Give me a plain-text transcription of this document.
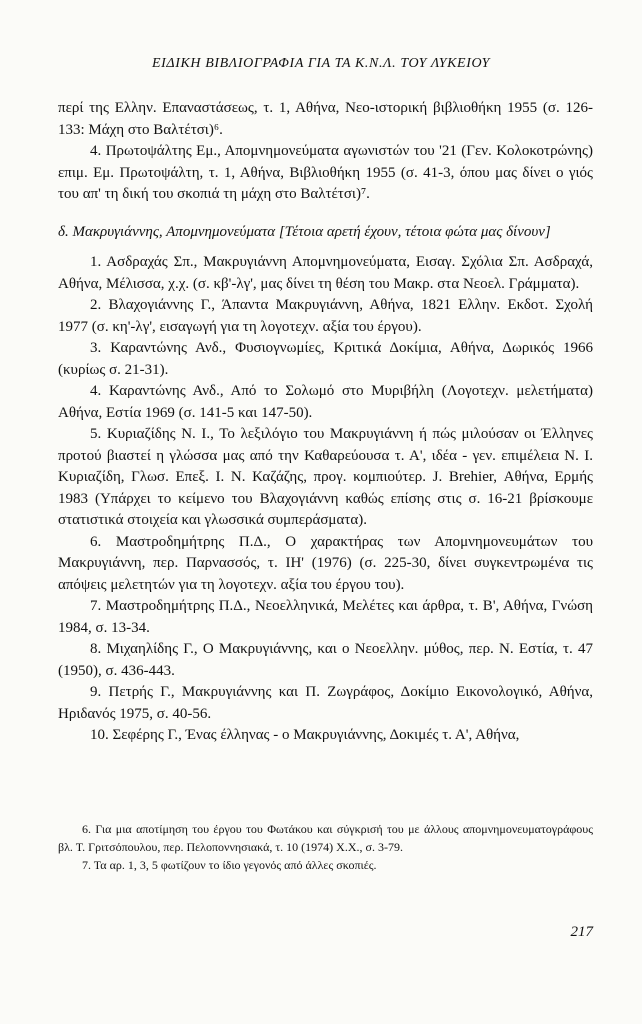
ΕΙΔΙΚΗ ΒΙΒΛΙΟΓΡΑΦΙΑ ΓΙΑ ΤΑ Κ.Ν.Λ. ΤΟΥ ΛΥΚΕΙΟΥ

περί της Ελλην. Επαναστάσεως, τ. 1, Αθήνα, Νεο-ιστορική βιβλιοθήκη 1955 (σ. 126-133: Μάχη στο Βαλτέτσι)⁶.

4. Πρωτοψάλτης Εμ., Απομνημονεύματα αγωνιστών του '21 (Γεν. Κολοκοτρώνης) επιμ. Εμ. Πρωτοψάλτη, τ. 1, Αθήνα, Βιβλιοθήκη 1955 (σ. 41-3, όπου μας δίνει ο γιός του απ' τη δική του σκοπιά τη μάχη στο Βαλτέτσι)⁷.

δ. Μακρυγιάννης, Απομνημονεύματα [Τέτοια αρετή έχουν, τέτοια φώτα μας δίνουν]

1. Ασδραχάς Σπ., Μακρυγιάννη Απομνημονεύματα, Εισαγ. Σχόλια Σπ. Ασδραχά, Αθήνα, Μέλισσα, χ.χ. (σ. κβ'-λγ', μας δίνει τη θέση του Μακρ. στα Νεοελ. Γράμματα).

2. Βλαχογιάννης Γ., Άπαντα Μακρυγιάννη, Αθήνα, 1821 Ελλην. Εκδοτ. Σχολή 1977 (σ. κη'-λγ', εισαγωγή για τη λογοτεχν. αξία του έργου).

3. Καραντώνης Ανδ., Φυσιογνωμίες, Κριτικά Δοκίμια, Αθήνα, Δωρικός 1966 (κυρίως σ. 21-31).

4. Καραντώνης Ανδ., Από το Σολωμό στο Μυριβήλη (Λογοτεχν. μελετήματα) Αθήνα, Εστία 1969 (σ. 141-5 και 147-50).

5. Κυριαζίδης Ν. Ι., Το λεξιλόγιο του Μακρυγιάννη ή πώς μιλούσαν οι Έλληνες προτού βιαστεί η γλώσσα μας από την Καθαρεύουσα τ. Α', ιδέα - γεν. επιμέλεια Ν. Ι. Κυριαζίδη, Γλωσ. Επεξ. Ι. Ν. Καζάζης, προγ. κομπιούτερ. J. Brehier, Αθήνα, Ερμής 1983 (Υπάρχει το κείμενο του Βλαχογιάννη καθώς επίσης στις σ. 16-21 βρίσκουμε στατιστικά στοιχεία και γλωσσικά συμπεράσματα).

6. Μαστροδημήτρης Π.Δ., Ο χαρακτήρας των Απομνημονευμάτων του Μακρυγιάννη, περ. Παρνασσός, τ. ΙΗ' (1976) (σ. 225-30, δίνει συγκεντρωμένα τις απόψεις μελετητών για τη λογοτεχν. αξία του έργου του).

7. Μαστροδημήτρης Π.Δ., Νεοελληνικά, Μελέτες και άρθρα, τ. Β', Αθήνα, Γνώση 1984, σ. 13-34.

8. Μιχαηλίδης Γ., Ο Μακρυγιάννης, και ο Νεοελλην. μύθος, περ. Ν. Εστία, τ. 47 (1950), σ. 436-443.

9. Πετρής Γ., Μακρυγιάννης και Π. Ζωγράφος, Δοκίμιο Εικονολογικό, Αθήνα, Ηριδανός 1975, σ. 40-56.

10. Σεφέρης Γ., Ένας έλληνας - ο Μακρυγιάννης, Δοκιμές τ. Α', Αθήνα,

6. Για μια αποτίμηση του έργου του Φωτάκου και σύγκρισή του με άλλους απομνημονευματογράφους βλ. Τ. Γριτσόπουλου, περ. Πελοποννησιακά, τ. 10 (1974) Χ.Χ., σ. 3-79.

7. Τα αρ. 1, 3, 5 φωτίζουν το ίδιο γεγονός από άλλες σκοπιές.

217
